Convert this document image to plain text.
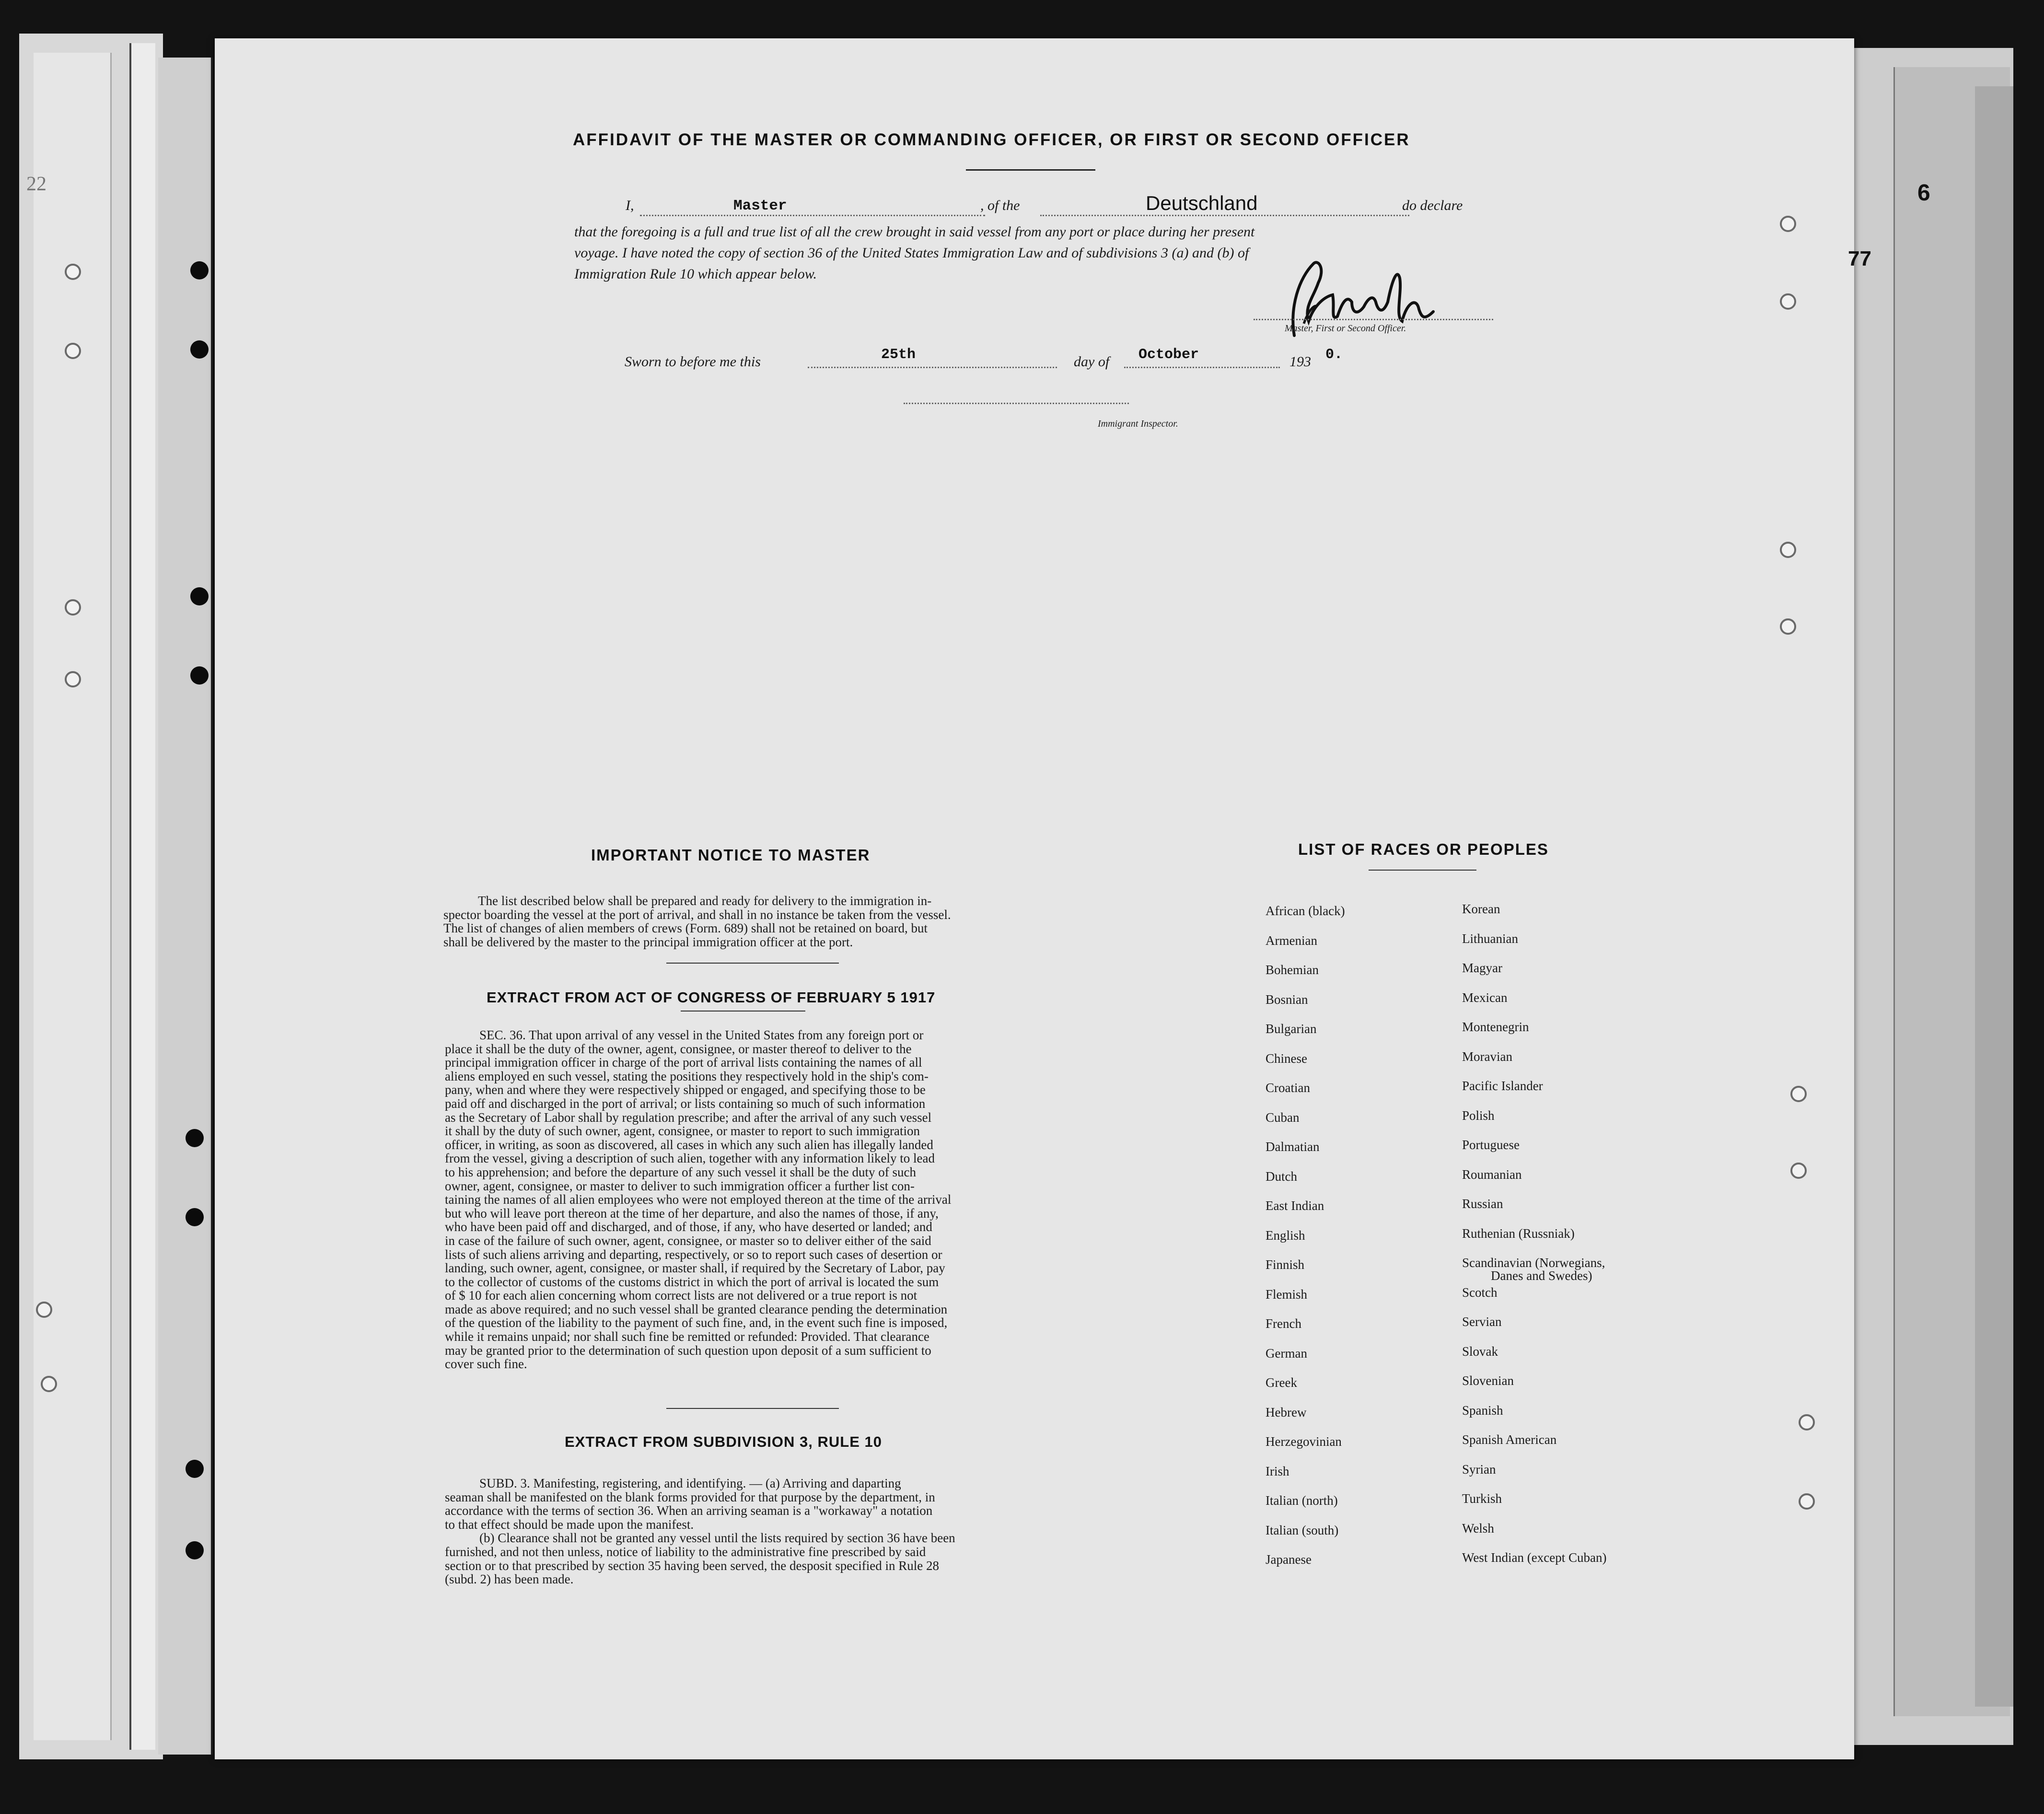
22
77
6
AFFIDAVIT OF THE MASTER OR COMMANDING OFFICER, OR FIRST OR SECOND OFFICER
I,	Master	, of the	Deutschland	do declare
that the foregoing is a full and true list of all the crew brought in said vessel from any port or place during her present
voyage. I have noted the copy of section 36 of the United States Immigration Law and of subdivisions 3 (a) and (b) of
Immigration Rule 10 which appear below.
Master, First or Second Officer.
Sworn to before me this	25th	day of October	193 0.
Immigrant Inspector.
IMPORTANT NOTICE TO MASTER
The list described below shall be prepared and ready for delivery to the immigration in-
spector boarding the vessel at the port of arrival, and shall in no instance be taken from the vessel.
The list of changes of alien members of crews (Form. 689) shall not be retained on board, but
shall be delivered by the master to the principal immigration officer at the port.
EXTRACT FROM ACT OF CONGRESS OF FEBRUARY 5 1917
SEC. 36. That upon arrival of any vessel in the United States from any foreign port or
place it shall be the duty of the owner, agent, consignee, or master thereof to deliver to the
principal immigration officer in charge of the port of arrival lists containing the names of all
aliens employed en such vessel, stating the positions they respectively hold in the ship's com-
pany, when and where they were respectively shipped or engaged, and specifying those to be
paid off and discharged in the port of arrival; or lists containing so much of such information
as the Secretary of Labor shall by regulation prescribe; and after the arrival of any such vessel
it shall by the duty of such owner, agent, consignee, or master to report to such immigration
officer, in writing, as soon as discovered, all cases in which any such alien has illegally landed
from the vessel, giving a description of such alien, together with any information likely to lead
to his apprehension; and before the departure of any such vessel it shall be the duty of such
owner, agent, consignee, or master to deliver to such immigration officer a further list con-
taining the names of all alien employees who were not employed thereon at the time of the arrival
but who will leave port thereon at the time of her departure, and also the names of those, if any,
who have been paid off and discharged, and of those, if any, who have deserted or landed; and
in case of the failure of such owner, agent, consignee, or master so to deliver either of the said
lists of such aliens arriving and departing, respectively, or so to report such cases of desertion or
landing, such owner, agent, consignee, or master shall, if required by the Secretary of Labor, pay
to the collector of customs of the customs district in which the port of arrival is located the sum
of $ 10 for each alien concerning whom correct lists are not delivered or a true report is not
made as above required; and no such vessel shall be granted clearance pending the determination
of the question of the liability to the payment of such fine, and, in the event such fine is imposed,
while it remains unpaid; nor shall such fine be remitted or refunded: Provided. That clearance
may be granted prior to the determination of such question upon deposit of a sum sufficient to
cover such fine.
EXTRACT FROM SUBDIVISION 3, RULE 10
SUBD. 3. Manifesting, registering, and identifying. — (a) Arriving and daparting
seaman shall be manifested on the blank forms provided for that purpose by the department, in
accordance with the terms of section 36. When an arriving seaman is a "workaway" a notation
to that effect should be made upon the manifest.
(b) Clearance shall not be granted any vessel until the lists required by section 36 have been
furnished, and not then unless, notice of liability to the administrative fine prescribed by said
section or to that prescribed by section 35 having been served, the desposit specified in Rule 28
(subd. 2) has been made.
LIST OF RACES OR PEOPLES
African (black)
Armenian
Bohemian
Bosnian
Bulgarian
Chinese
Croatian
Cuban
Dalmatian
Dutch
East Indian
English
Finnish
Flemish
French
German
Greek
Hebrew
Herzegovinian
Irish
Italian (north)
Italian (south)
Japanese
Korean
Lithuanian
Magyar
Mexican
Montenegrin
Moravian
Pacific Islander
Polish
Portuguese
Roumanian
Russian
Ruthenian (Russniak)
Scandinavian (Norwegians,
Danes and Swedes)
Scotch
Servian
Slovak
Slovenian
Spanish
Spanish American
Syrian
Turkish
Welsh
West Indian (except Cuban)
